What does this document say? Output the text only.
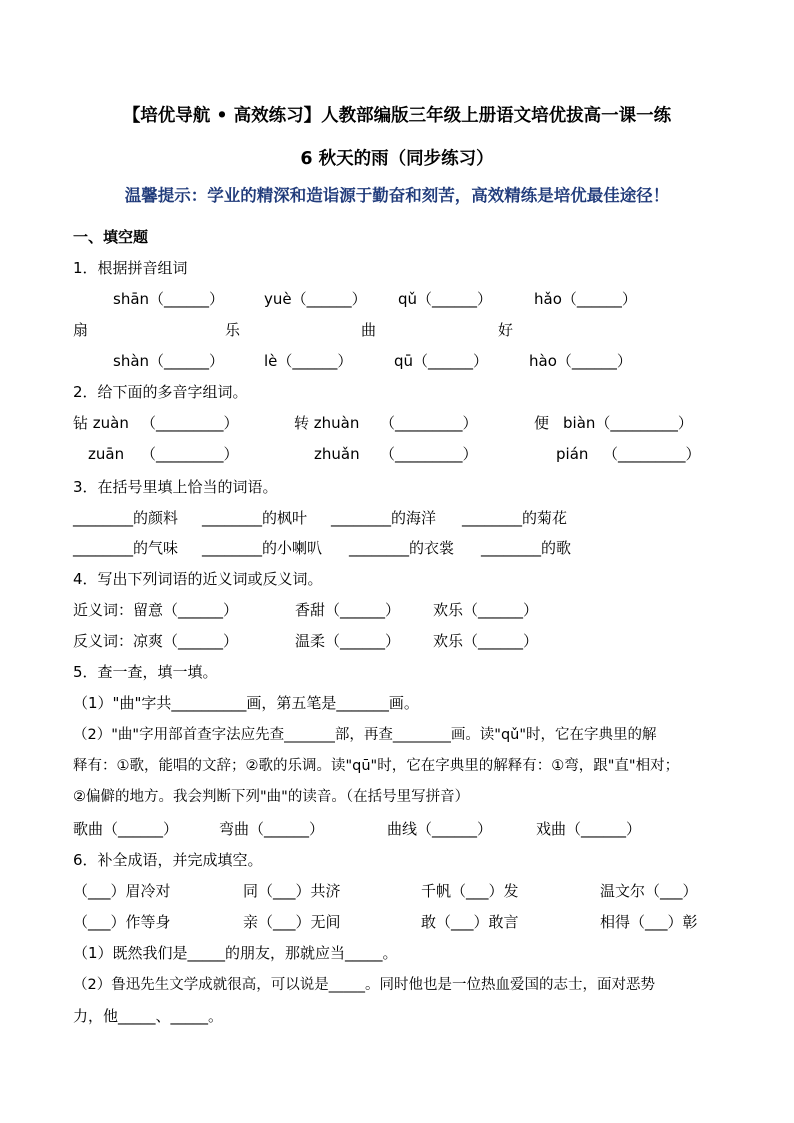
【培优导航 • 高效练习】人教部编版三年级上册语文培优拔高一课一练
6 秋天的雨（同步练习）
温馨提示：学业的精深和造诣源于勤奋和刻苦，高效精练是培优最佳途径！
一、填空题
1．根据拼音组词
shān（______）	yuè（______） qǔ（______）	hǎo（______）
扇	乐	曲	好
shàn（______）	lè（______）	qū（______）	hào（______）
2．给下面的多音字组词。
钻 zuàn （_________）	转 zhuàn （_________）	便 biàn（_________）
zuān （_________）	zhuǎn （_________）	pián （_________）
3．在括号里填上恰当的词语。
________的颜料 ________的枫叶 ________的海洋 ________的菊花
________的气味 ________的小喇叭 ________的衣裳 ________的歌
4．写出下列词语的近义词或反义词。
近义词：留意（______）	香甜（______） 欢乐（______）
反义词：凉爽（______）	温柔（______） 欢乐（______）
5．查一查，填一填。
（1）"曲"字共__________画，第五笔是_______画。
（2）"曲"字用部首查字法应先查_______部，再查________画。读"qǔ"时，它在字典里的解
释有：①歌，能唱的文辞；②歌的乐调。读"qū"时，它在字典里的解释有：①弯，跟"直"相对；
②偏僻的地方。我会判断下列"曲"的读音。（在括号里写拼音）
歌曲（______）	弯曲（______）	曲线（______）	戏曲（______）
6．补全成语，并完成填空。
（___）眉冷对	同（___）共济	千帆（___）发	温文尔（___）
（___）作等身	亲（___）无间	敢（___）敢言	相得（___）彰
（1）既然我们是_____的朋友，那就应当_____。
（2）鲁迅先生文学成就很高，可以说是_____。同时他也是一位热血爱国的志士，面对恶势
力，他_____、_____。
